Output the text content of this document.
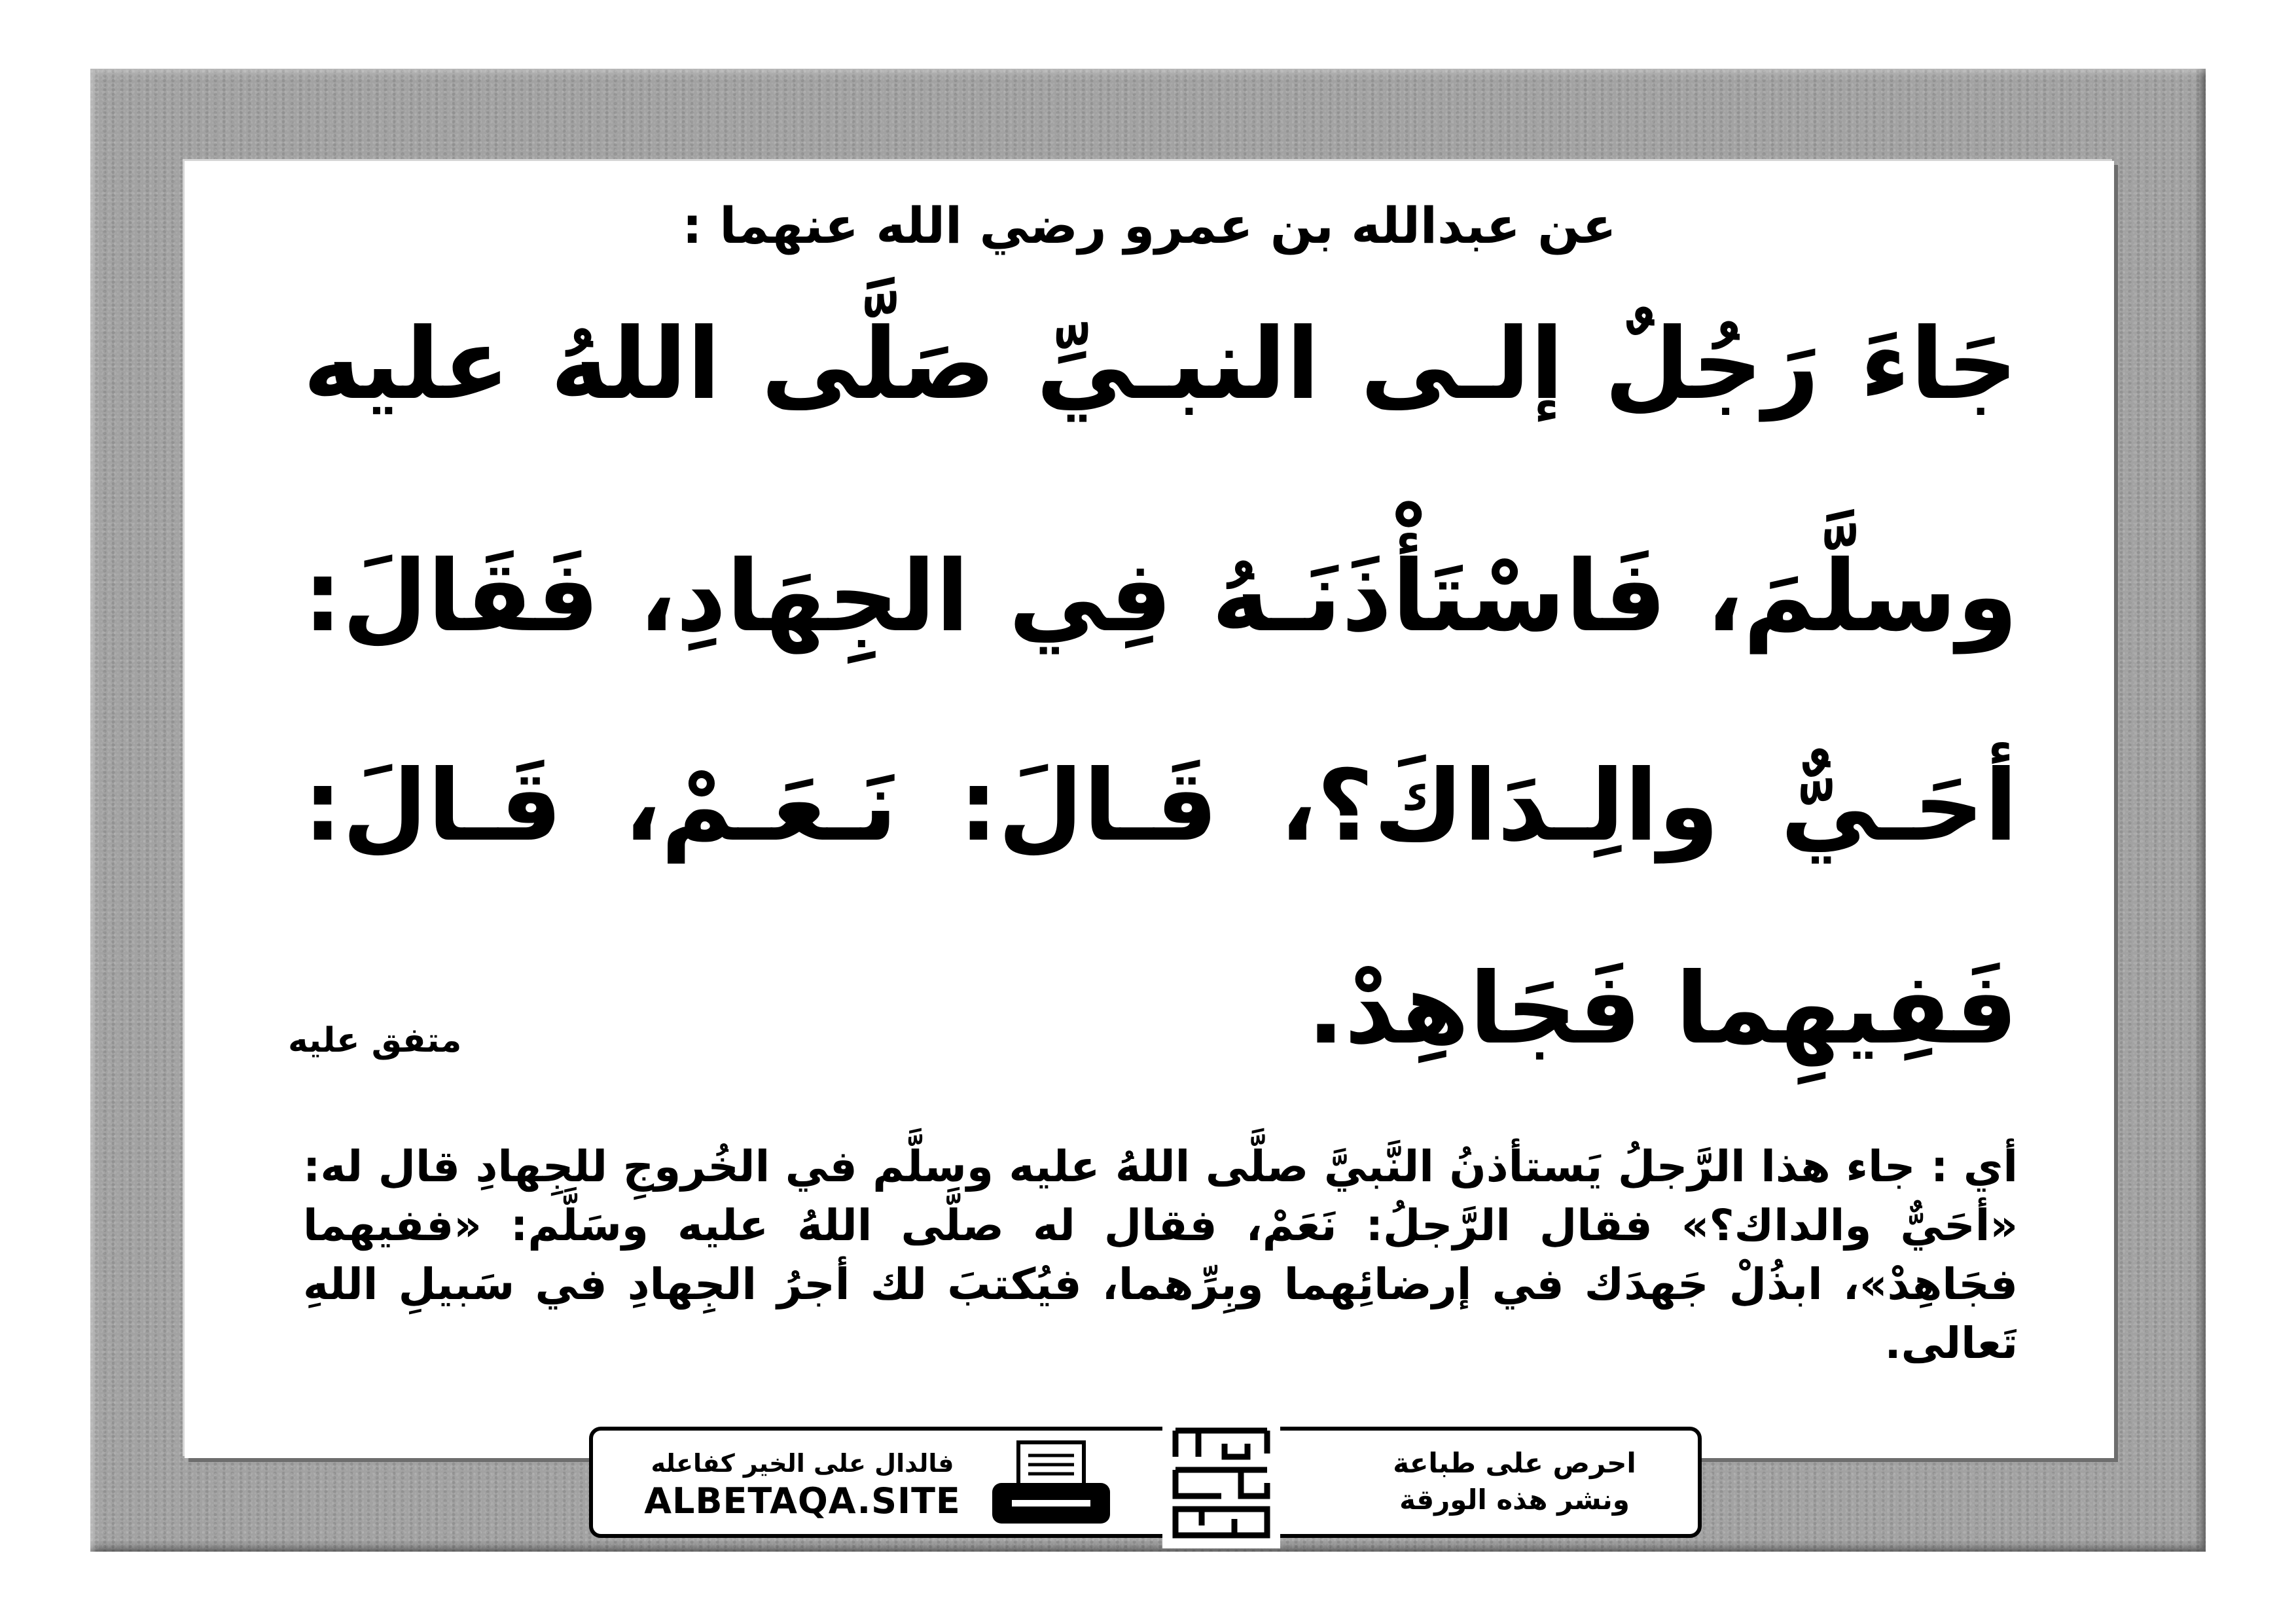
عن عبدالله بن عمرو رضي الله عنهما :
جَاءَ رَجُلٌ إلـى النبـيِّ صَلَّى اللهُ عليه
وسلَّمَ، فَاسْتَأْذَنَـهُ فِي الجِهَادِ، فَقَالَ:
أحَـيٌّ والِـدَاكَ؟، قَـالَ: نَـعَـمْ، قَـالَ:
فَفِيهِما فَجَاهِدْ.
متفق عليه
أي : جاء هذا الرَّجلُ يَستأذنُ النَّبيَّ صلَّى اللهُ عليه وسلَّم في الخُروجِ للجِهادِ قال له: «أحَيٌّ والداك؟» فقال الرَّجلُ: نَعَمْ، فقال له صلَّى اللهُ عليه وسَلَّم: «ففيهما فجَاهِدْ»، ابذُلْ جَهدَك في إرضائِهما وبِرِّهما، فيُكتبَ لك أجرُ الجِهادِ في سَبيلِ اللهِ تَعالى.
احرص على طباعة
ونشر هذه الورقة
فالدال على الخير كفاعله
ALBETAQA.SITE
